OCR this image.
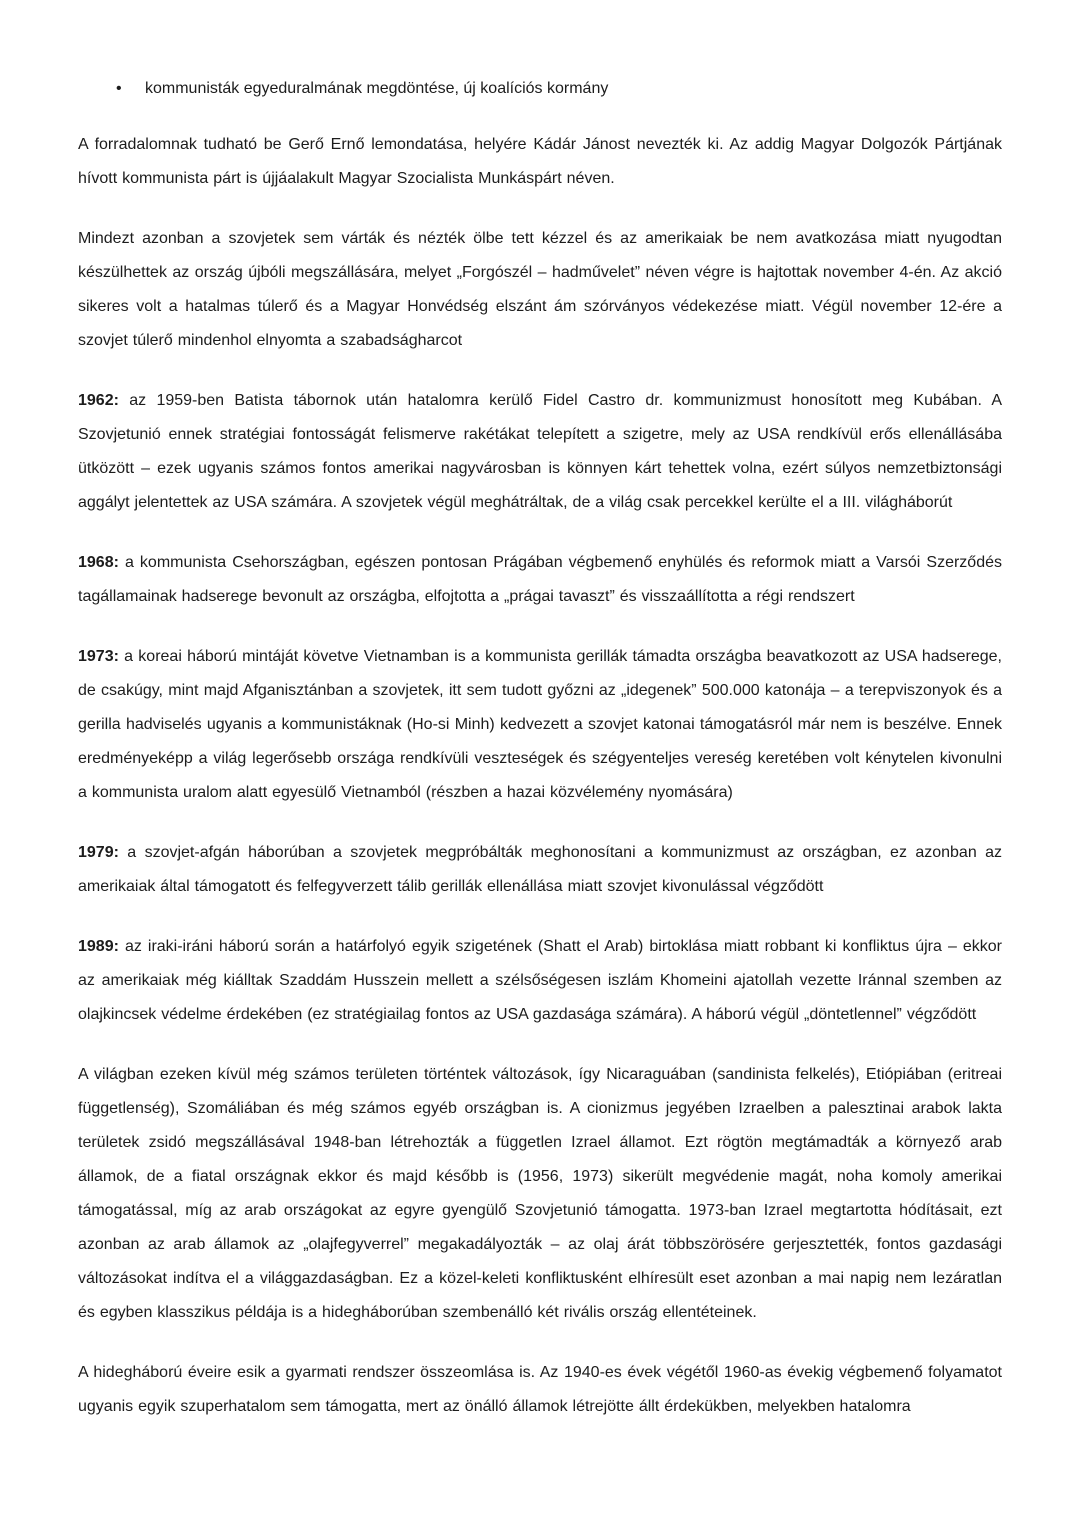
•	kommunisták egyeduralmának megdöntése, új koalíciós kormány

A forradalomnak tudható be Gerő Ernő lemondatása, helyére Kádár Jánost nevezték ki. Az addig Magyar Dolgozók Pártjának hívott kommunista párt is újjáalakult Magyar Szocialista Munkáspárt néven.

Mindezt azonban a szovjetek sem várták és nézték ölbe tett kézzel és az amerikaiak be nem avatkozása miatt nyugodtan készülhettek az ország újbóli megszállására, melyet „Forgószél – hadművelet” néven végre is hajtottak november 4-én. Az akció sikeres volt a hatalmas túlerő és a Magyar Honvédség elszánt ám szórványos védekezése miatt. Végül november 12-ére a szovjet túlerő mindenhol elnyomta a szabadságharcot

1962: az 1959-ben Batista tábornok után hatalomra kerülő Fidel Castro dr. kommunizmust honosított meg Kubában. A Szovjetunió ennek stratégiai fontosságát felismerve rakétákat telepített a szigetre, mely az USA rendkívül erős ellenállásába ütközött – ezek ugyanis számos fontos amerikai nagyvárosban is könnyen kárt tehettek volna, ezért súlyos nemzetbiztonsági aggályt jelentettek az USA számára. A szovjetek végül meghátráltak, de a világ csak percekkel kerülte el a III. világháborút

1968: a kommunista Csehországban, egészen pontosan Prágában végbemenő enyhülés és reformok miatt a Varsói Szerződés tagállamainak hadserege bevonult az országba, elfojtotta a „prágai tavaszt” és visszaállította a régi rendszert

1973: a koreai háború mintáját követve Vietnamban is a kommunista gerillák támadta országba beavatkozott az USA hadserege, de csakúgy, mint majd Afganisztánban a szovjetek, itt sem tudott győzni az „idegenek” 500.000 katonája – a terepviszonyok és a gerilla hadviselés ugyanis a kommunistáknak (Ho-si Minh) kedvezett a szovjet katonai támogatásról már nem is beszélve. Ennek eredményeképp a világ legerősebb országa rendkívüli veszteségek és szégyenteljes vereség keretében volt kénytelen kivonulni a kommunista uralom alatt egyesülő Vietnamból (részben a hazai közvélemény nyomására)

1979: a szovjet-afgán háborúban a szovjetek megpróbálták meghonosítani a kommunizmust az országban, ez azonban az amerikaiak által támogatott és felfegyverzett tálib gerillák ellenállása miatt szovjet kivonulással végződött

1989: az iraki-iráni háború során a határfolyó egyik szigetének (Shatt el Arab) birtoklása miatt robbant ki konfliktus újra – ekkor az amerikaiak még kiálltak Szaddám Husszein mellett a szélsőségesen iszlám Khomeini ajatollah vezette Iránnal szemben az olajkincsek védelme érdekében (ez stratégiailag fontos az USA gazdasága számára). A háború végül „döntetlennel” végződött

A világban ezeken kívül még számos területen történtek változások, így Nicaraguában (sandinista felkelés), Etiópiában (eritreai függetlenség), Szomáliában és még számos egyéb országban is. A cionizmus jegyében Izraelben a palesztinai arabok lakta területek zsidó megszállásával 1948-ban létrehozták a független Izrael államot. Ezt rögtön megtámadták a környező arab államok, de a fiatal országnak ekkor és majd később is (1956, 1973) sikerült megvédenie magát, noha komoly amerikai támogatással, míg az arab országokat az egyre gyengülő Szovjetunió támogatta. 1973-ban Izrael megtartotta hódításait, ezt azonban az arab államok az „olajfegyverrel” megakadályozták – az olaj árát többszörösére gerjesztették, fontos gazdasági változásokat indítva el a világgazdaságban. Ez a közel-keleti konfliktusként elhíresült eset azonban a mai napig nem lezáratlan és egyben klasszikus példája is a hidegháborúban szembenálló két rivális ország ellentéteinek.

A hidegháború éveire esik a gyarmati rendszer összeomlása is. Az 1940-es évek végétől 1960-as évekig végbemenő folyamatot ugyanis egyik szuperhatalom sem támogatta, mert az önálló államok létrejötte állt érdekükben, melyekben hatalomra
